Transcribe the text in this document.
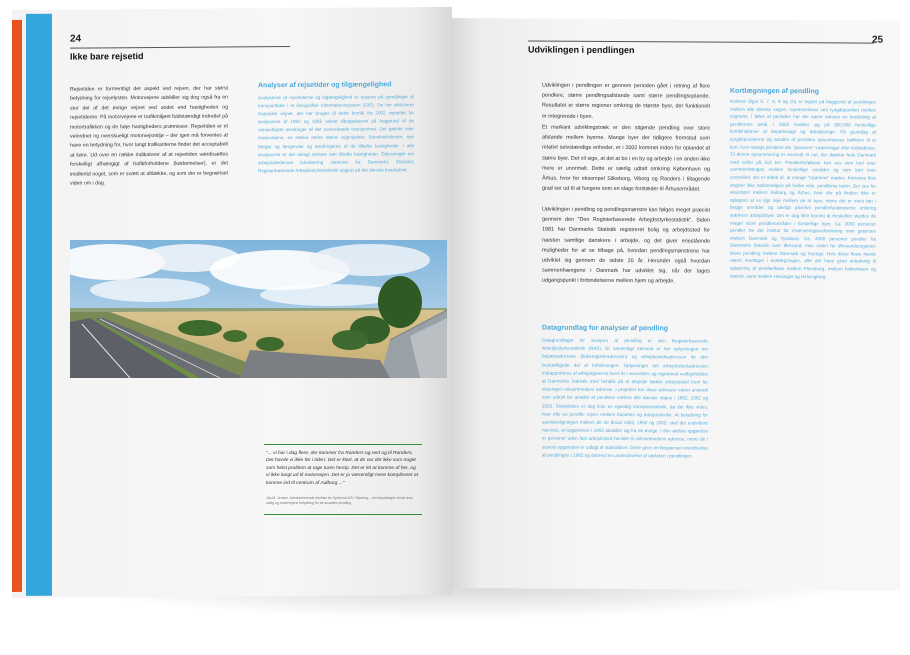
24
Ikke bare rejsetid
Rejsetiden er formentligt det aspekt ved rejsen, der har størst betydning for rejselysten. Motorvejene adskiller sig dog også fra en stor del af det øvrige vejnet ved andet end hastigheden og rejsetiderne. På motorvejene er trafikmiljøet fuldstændigt indrettet på motortrafikken og de høje hastigheders præmisser. Rejsetiden er et velordnet og overskueligt motorvejsmiljø – der igen må forventes at have en betydning for, hvor langt trafikanterne finder det acceptabelt at køre. Ud over en række indikatorer af at rejsetiden værdisættes forskelligt afhængigt af trafikforholdene (kødannelser), er det imidlertid noget, som er svært at afdække, og som der er begrænset viden om i dag.
Analyser af rejsetider og tilgængelighed
Analyserne af rejsetiderne og tilgængelighed er baseret på opmålinger af transporttider i et Geografisk Informationssystem (GIS). De her eksisterer historiske vejnet, der har bruges til dette formål fra 2002 vejnettet for analyserne af 1992 og 1982 vejnet tilbagedateret på baggrund af de væsentligste ændringer af det overordnede transportnet. Det gælder især motorvejene, en række andre større vejprojekter, Storebæltsbroen, nye færger og færgeruter og ændringerne af de tilladte hastigheder. I alle analyserne er der anlagt samme sæt tilladte hastigheder. Oplysninger om arbejdsstedernes lokalisering stammer fra Danmarks Statistiks Registerbaserede Arbejdsstyrkestatistik opgjort på det danske kvadratnet.
"... vi har i dag flere, der kommer fra Randers og ned og til Randers. Det havde vi ikke før i tiden. Det er klart, at de var det ikke som noget som helst problem at tage turen herop. Det er let at komme af her, og vi ikke langt ud til motorvejen. Det er jo væsentligt mere kompliceret at komme ind til centrum af Aalborg ..."
Jan M. Jensen, Administrerende direktør for Hydrema A/S i Støvring – om betydningen af det øvre udvig og motorvejens betydning for de ansattes pendling
Udviklingen i pendlingen
25
Udviklingen i pendlingen er gennem perioden gået i retning af flere pendlere, større pendlingsafstande samt større pendlingsoplande. Resultatet er større regioner omkring de største byer, der funktionelt er integrerede i byen.
Et markant udviklingstræk er den stigende pendling over store afstande mellem byerne. Mange byer der tidligere fremstod som relativt selvstændige enheder, er i 2002 kommet inden for oplandet af større byer. Det vil sige, at det at bo i en by og arbejde i en anden ikke mere er unormalt. Dette er særlig udtalt omkring København og Århus, hvor for eksempel Silkeborg, Viborg og Randers i tiltagende grad ser ud til at fungere som en slags forstæder til Århusområdet.
Udviklingen i pendling og pendlingsmønstre kan følges meget præcist gennem den "Den Registerbaserede Arbejdsstyrkestatistik". Siden 1981 har Danmarks Statistik registreret bolig og arbejdssted for næsten samtlige danskere i arbejde, og det giver enestående muligheder for at se tilbage på, hvordan pendlingsmønstrene har udviklet sig gennem de sidste 20 år. Herunder også hvordan sammenhængene i Danmark har udviklet sig, når der tages udgangspunkt i forbindelserne mellem hjem og arbejde.
Kortlægningen af pendling
Kortene (figur 6, 7, 8, 9 og 10) er tegnet på baggrund af pendlingen mellem alle danske sogne, repræsenteret ved tyngdepunktet mellem sognene. I løbet af perioden har der været næsten en fordobling af pendlernes antal. I 2002 fordeler sig på 300.000 forskellige kombinationer af bopælssogn og arbejdssogn. På grundlag af tyngdepunkterne og antallet af pendlere opsummeres trafikken til et kort, hvor mange pendlere der "passerer" strækninger eller forbindelser. Til denne opsummering er anvendt et net, der dækker hele Danmark med celler på 2x2 km. Pendlerforløbene kan ses som kort over sammenhængen mellem forskellige områder og som kort over centralitet, der er afledt af, at mange "strømme" mødes. Kortenes flow angiver ikke nødvendigvis på hvilke veje, pendlerne kører. Det ses for eksempel mellem Aalborg og Århus, hvor der på Noden ikke er opløgnet af en lige linje mellem de to byer, mens det er mest tæt i begge områder og særligt påvirket pendlerfunktionerne omkring stærkere arbejdsbyer. Det er dog ikke korrekt at forskellen skyldes de meget store pendlerområder i forskellige byer. Ca. 2000 personer pendler fra det Institut for Grænseregionsforskning over grænsen mellem Danmark og Tyskland. Ca. 4000 personer pendler fra Danmarks Statistik over Øresund, men inden for Øresundsregionen bliver pendling mellem Danmark og Sverige. Hvis disse flows havde været medtaget i kortlægningen, ville det have givet anledning til opløsning af pendlerflows mellem Flensborg, mellem København og Malmö, samt mellem Helsingør og Helsingborg.
Datagrundlag for analyser af pendling
Datagrundlaget for analyser af pendling er den Registerbaserede Arbejdsstyrkestatistik (RAS). Et væsentligt element er her oplysningen om bopælsadressen (folkeregisteradressen) og arbejdsstedsadressen for den beskæftigede del af befolkningen. Oplysninger om arbejdsstedsadressen indrapporteres af arbejdsgiverne hvert år i november, og registreret vedligeholdes af Danmarks Statistik med henblik på at afspejle faktisk arbejdssted frem for eksempel virksomhedens adresse. I projektet har disse adresser været anvendt som udtryk for antallet af pendlere mellem alle danske sogne i 1982, 1992 og 2002. Statistikken er dog ikke en egentlig transportstatistik, da det ikke vides, hvor ofte en pendler rejser mellem bopælen og arbejdsstedet. At betydning for sammenligningen mellem de tre årstal 1982, 1992 og 2002, skal det endvidere nævnes, at opgørelsen i 1982 adskiller sig fra de øvrige. I den ældste opgørelse er personer uden fast arbejdssted henført til virksomhedens adresse, mens de i senere opgørelser er udlagt af statistikken. Dette giver en begrænset overdrivelse af pendlingen i 1982 og dermed en underdrivelse af væksten i pendlingen.
